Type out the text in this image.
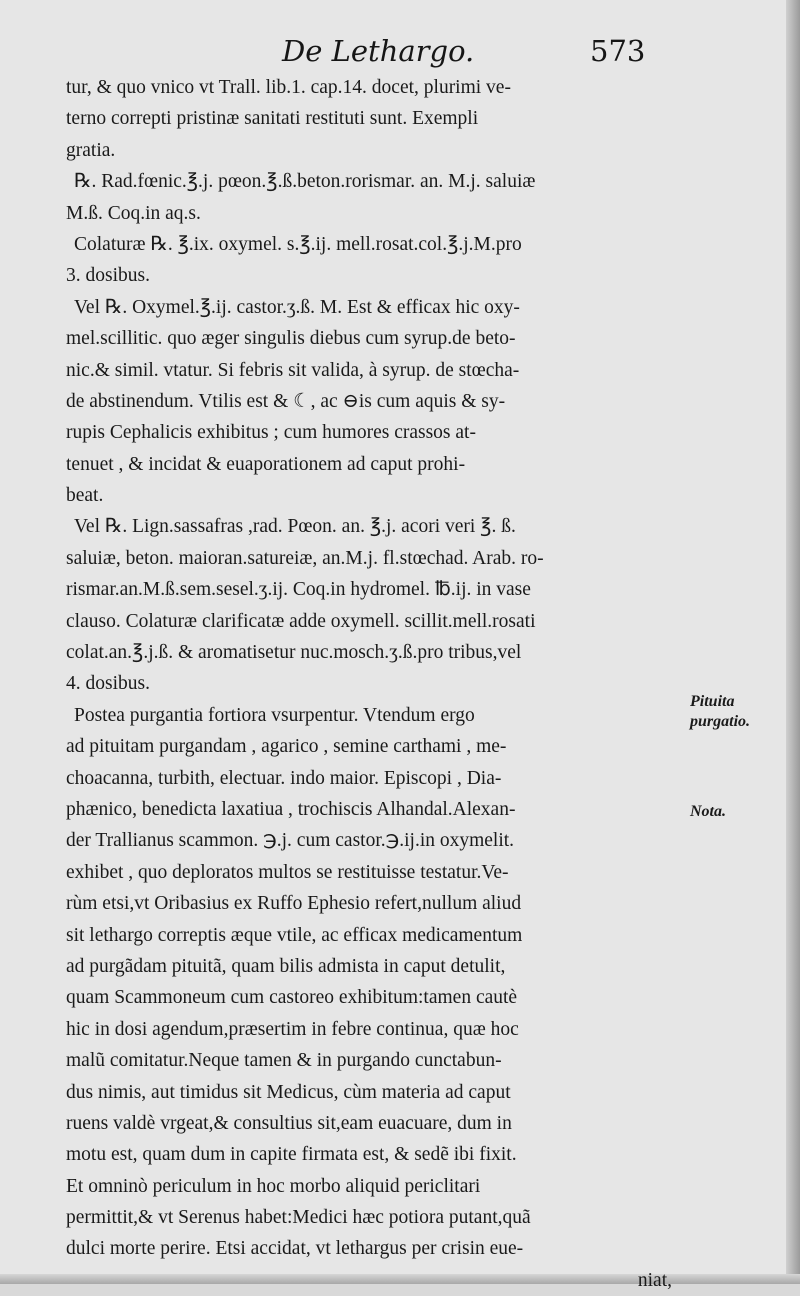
De Lethargo.	573
tur, & quo vnico vt Trall. lib.1. cap.14. docet, plurimi ve-
terno correpti pristinæ sanitati restituti sunt. Exempli
gratia.
℞. Rad.fœnic.℥.j. pœon.℥.ß.beton.rorismar. an. M.j. saluiæ
M.ß. Coq.in aq.s.
Colaturæ ℞. ℥.ix. oxymel. s.℥.ij. mell.rosat.col.℥.j.M.pro
3. dosibus.
Vel ℞. Oxymel.℥.ij. castor.ʒ.ß. M. Est & efficax hic oxy-
mel.scillitic. quo æger singulis diebus cum syrup.de beto-
nic.& simil. vtatur. Si febris sit valida, à syrup. de stœcha-
de abstinendum. Vtilis est & ☾, ac ⊖is cum aquis & sy-
rupis Cephalicis exhibitus ; cum humores crassos at-
tenuet , & incidat & euaporationem ad caput prohi-
beat.
Vel ℞. Lign.sassafras ,rad. Pœon. an. ℥.j. acori veri ℥. ß.
saluiæ, beton. maioran.satureiæ, an.M.j. fl.stœchad. Arab. ro-
rismar.an.M.ß.sem.sesel.ʒ.ij. Coq.in hydromel. ℔.ij. in vase
clauso. Colaturæ clarificatæ adde oxymell. scillit.mell.rosati
colat.an.℥.j.ß. & aromatisetur nuc.mosch.ʒ.ß.pro tribus,vel
4. dosibus.
Postea purgantia fortiora vsurpentur. Vtendum ergo
ad pituitam purgandam , agarico , semine carthami , me-
choacanna, turbith, electuar. indo maior. Episcopi , Dia-
phænico, benedicta laxatiua , trochiscis Alhandal.Alexan-
der Trallianus scammon. ℈.j. cum castor.℈.ij.in oxymelit.
exhibet , quo deploratos multos se restituisse testatur.Ve-
rùm etsi,vt Oribasius ex Ruffo Ephesio refert,nullum aliud
sit lethargo correptis æque vtile, ac efficax medicamentum
ad purgãdam pituitã, quam bilis admista in caput detulit,
quam Scammoneum cum castoreo exhibitum:tamen cautè
hic in dosi agendum,præsertim in febre continua, quæ hoc
malũ comitatur.Neque tamen & in purgando cunctabun-
dus nimis, aut timidus sit Medicus, cùm materia ad caput
ruens valdè vrgeat,& consultius sit,eam euacuare, dum in
motu est, quam dum in capite firmata est, & sedẽ ibi fixit.
Et omninò periculum in hoc morbo aliquid periclitari
permittit,& vt Serenus habet:Medici hæc potiora putant,quã
dulci morte perire. Etsi accidat, vt lethargus per crisin eue-
niat,
Pituita
purgatio.
Nota.
